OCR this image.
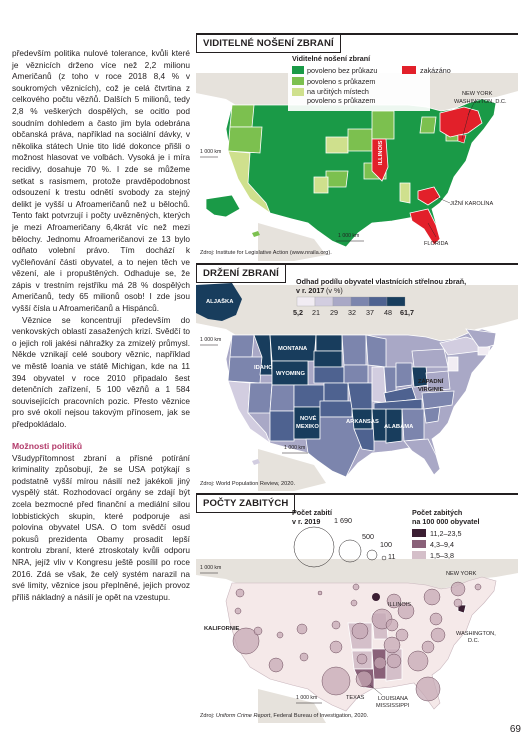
především politika nulové tolerance, kvůli které je věznicích drženo více než 2,2 milionu Američanů (z toho v roce 2018 8,4 % v soukromých věznicích), což je celá čtvrtina z celkového počtu vězňů. Dalších 5 milionů, tedy 2,8 % veškerých dospělých, se ocitlo pod soudním dohledem a často jim byla odebrána občanská práva, například na sociální dávky, v několika státech Unie tito lidé dokonce přišli o možnost hlasovat ve volbách. Vysoká je i míra recidivy, dosahuje 70 %. I zde se můžeme setkat s rasismem, protože pravděpodobnost odsouzení k trestu odnětí svobody za stejný delikt je vyšší u Afroameričanů než u bělochů. Tento fakt potvrzují i počty uvězněných, kterých je mezi Afroameričany 6,4krát víc než mezi bělochy. Jednomu Afroameričanovi ze 13 bylo odňato volební právo. Tím dochází k vyčleňování části obyvatel, a to nejen těch ve vězení, ale i propuštěných. Odhaduje se, že zápis v trestním rejstříku má 28 % dospělých Američanů, tedy 65 milionů osob! I zde jsou vyšší čísla u Afroameričanů a Hispánců.

Věznice se koncentrují především do venkovských oblastí zasažených krizí. Svědčí to o jejich roli jakési náhražky za zmizelý průmysl. Někde vznikají celé soubory věznic, například ve městě Ioania ve státě Michigan, kde na 11 394 obyvatel v roce 2010 připadalo šest detenčních zařízení, 5 100 vězňů a 1 584 souvisejících pracovních pozic. Přesto věznice pro své okolí nejsou takovým přínosem, jak se předpokládalo.

Možnosti politiků

Všudypřítomnost zbraní a přísné potírání kriminality způsobují, že se USA potýkají s podstatně vyšší mírou násilí než jakékoli jiný vyspělý stát. Rozhodovací orgány se zdají být zcela bezmocné před finanční a mediální silou lobbistických skupin, které podporuje asi polovina obyvatel USA. O tom svědčí osud pokusů prezidenta Obamy prosadit lepší kontrolu zbraní, které ztroskotaly kvůli odporu NRA, jejíž vliv v Kongresu ještě posílil po roce 2016. Zdá se však, že celý systém narazil na své limity, věznice jsou přeplněné, jejich provoz příliš nákladný a násilí je opět na vzestupu.

VIDITELNÉ NOŠENÍ ZBRANÍ
Viditelné nošení zbraní
povoleno bez průkazu
povoleno s průkazem
na určitých místech
povoleno s průkazem
zakázáno
NEW YORK
WASHINGTON, D.C.
ILLINOIS
JIŽNÍ KAROLÍNA
FLORIDA
1 000 km
1 000 km
Zdroj: Institute for Legislative Action (www.nraila.org).
DRŽENÍ ZBRANÍ
Odhad podílu obyvatel vlastnících střelnou zbraň,
v r. 2017 (v %)
5,2 21 29 32 37 48 61,7
ALJAŠKA
MONTANA
IDAHO
WYOMING
NOVÉ
MEXIKO
ARKANSAS
ALABAMA
ZÁPADNÍ
VIRGINIE
1 000 km
1 000 km
Zdroj: World Population Review, 2020.
POČTY ZABITÝCH
Počet zabití
v r. 2019 1 690
500
100
11
Počet zabitých
na 100 000 obyvatel
11,2–23,5
4,3–9,4
1,5–3,8
KALIFORNIE
NEW YORK
ILLINOIS
WASHINGTON,
D.C.
TEXAS LOUISIANA
MISSISSIPPI
1 000 km
1 000 km
Zdroj: Uniform Crime Report, Federal Bureau of Investigation, 2020.
69
